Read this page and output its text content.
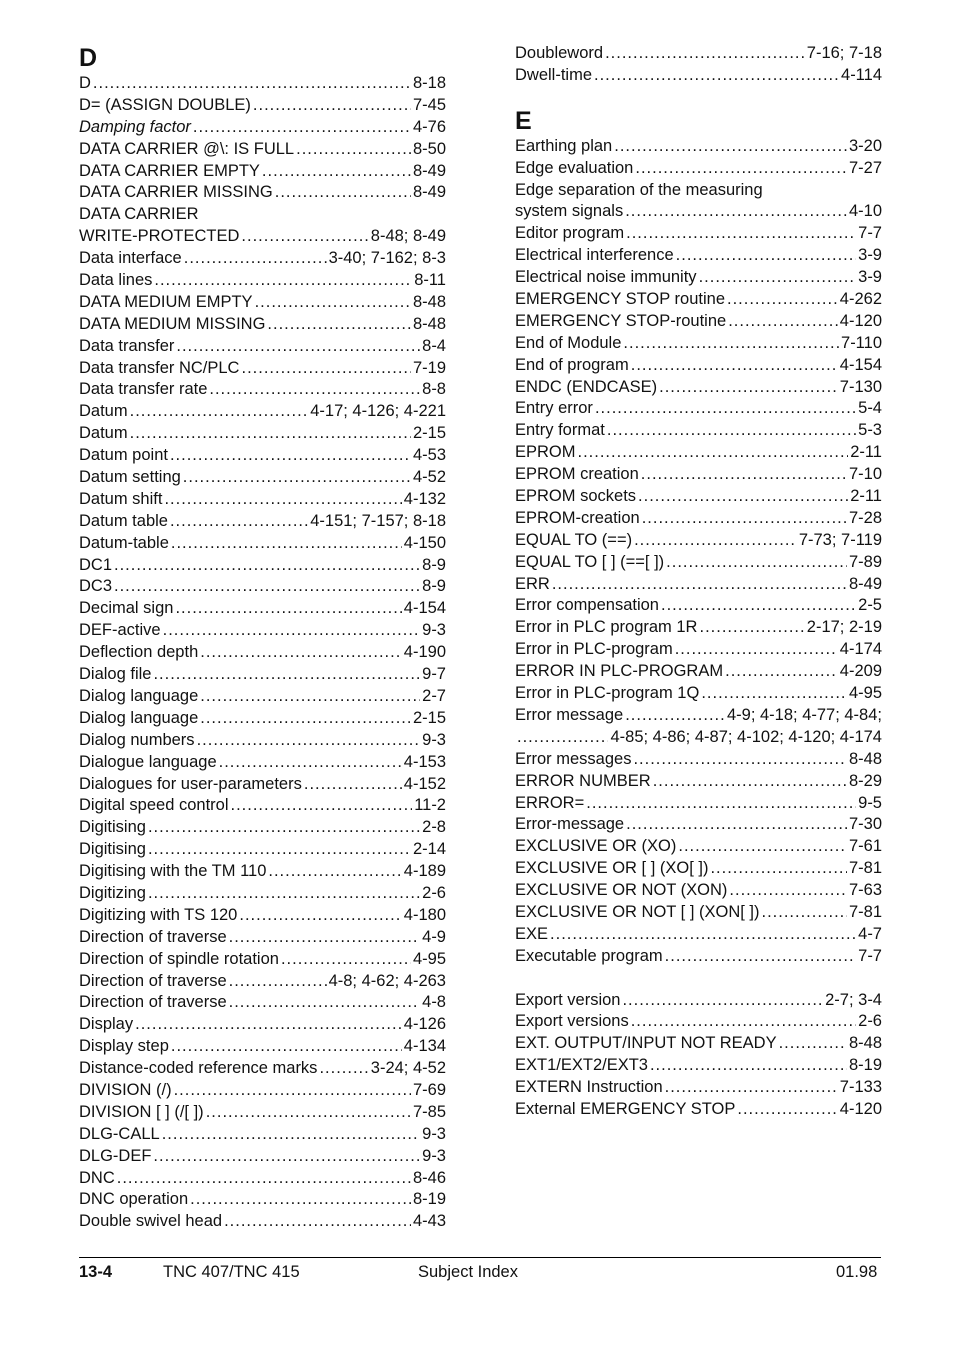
D
D .....	8-18
D= (ASSIGN DOUBLE) .....	7-45
Damping factor .....	4-76
DATA CARRIER @\: IS FULL .....	8-50
DATA CARRIER EMPTY .....	8-49
DATA CARRIER MISSING .....	8-49
DATA CARRIER
WRITE-PROTECTED .....	8-48; 8-49
Data interface .....	3-40; 7-162; 8-3
Data lines .....	8-11
DATA MEDIUM EMPTY .....	8-48
DATA MEDIUM MISSING .....	8-48
Data transfer .....	8-4
Data transfer NC/PLC .....	7-19
Data transfer rate .....	8-8
Datum .....	4-17; 4-126; 4-221
Datum .....	2-15
Datum point .....	4-53
Datum setting .....	4-52
Datum shift .....	4-132
Datum table .....	4-151; 7-157; 8-18
Datum-table .....	4-150
DC1 .....	8-9
DC3 .....	8-9
Decimal sign .....	4-154
DEF-active .....	9-3
Deflection depth .....	4-190
Dialog file .....	9-7
Dialog language .....	2-7
Dialog language .....	2-15
Dialog numbers .....	9-3
Dialogue language .....	4-153
Dialogues for user-parameters .....	4-152
Digital speed control .....	11-2
Digitising .....	2-8
Digitising .....	2-14
Digitising with the TM 110 .....	4-189
Digitizing .....	2-6
Digitizing with TS 120 .....	4-180
Direction of traverse .....	4-9
Direction of spindle rotation .....	4-95
Direction of traverse .....	4-8; 4-62; 4-263
Direction of traverse .....	4-8
Display .....	4-126
Display step .....	4-134
Distance-coded reference marks .....	3-24; 4-52
DIVISION (/) .....	7-69
DIVISION [ ] (/[ ]) .....	7-85
DLG-CALL .....	9-3
DLG-DEF .....	9-3
DNC .....	8-46
DNC operation .....	8-19
Double swivel head .....	4-43
Doubleword .....	7-16; 7-18
Dwell-time .....	4-114
E
Earthing plan .....	3-20
Edge evaluation .....	7-27
Edge separation of the measuring
system signals .....	4-10
Editor program .....	7-7
Electrical interference .....	3-9
Electrical noise immunity .....	3-9
EMERGENCY STOP routine .....	4-262
EMERGENCY STOP-routine .....	4-120
End of Module .....	7-110
End of program .....	4-154
ENDC (ENDCASE) .....	7-130
Entry error .....	5-4
Entry format .....	5-3
EPROM .....	2-11
EPROM creation .....	7-10
EPROM sockets .....	2-11
EPROM-creation .....	7-28
EQUAL TO (==) .....	7-73; 7-119
EQUAL TO [ ] (==[ ]) .....	7-89
ERR .....	8-49
Error compensation .....	2-5
Error in PLC program 1R .....	2-17; 2-19
Error in PLC-program .....	4-174
ERROR IN PLC-PROGRAM .....	4-209
Error in PLC-program 1Q .....	4-95
Error message .....	4-9; 4-18; 4-77; 4-84;
.....
4-85; 4-86; 4-87; 4-102; 4-120; 4-174
Error messages .....	8-48
ERROR NUMBER .....	8-29
ERROR= .....	9-5
Error-message .....	7-30
EXCLUSIVE OR (XO) .....	7-61
EXCLUSIVE OR [ ] (XO[ ]) .....	7-81
EXCLUSIVE OR NOT (XON) .....	7-63
EXCLUSIVE OR NOT [ ] (XON[ ]) .....	7-81
EXE .....	4-7
Executable program .....	7-7
Export version .....	2-7; 3-4
Export versions .....	2-6
EXT. OUTPUT/INPUT NOT READY .....	8-48
EXT1/EXT2/EXT3 .....	8-19
EXTERN Instruction .....	7-133
External EMERGENCY STOP .....	4-120
13-4	TNC 407/TNC 415	Subject Index	01.98
